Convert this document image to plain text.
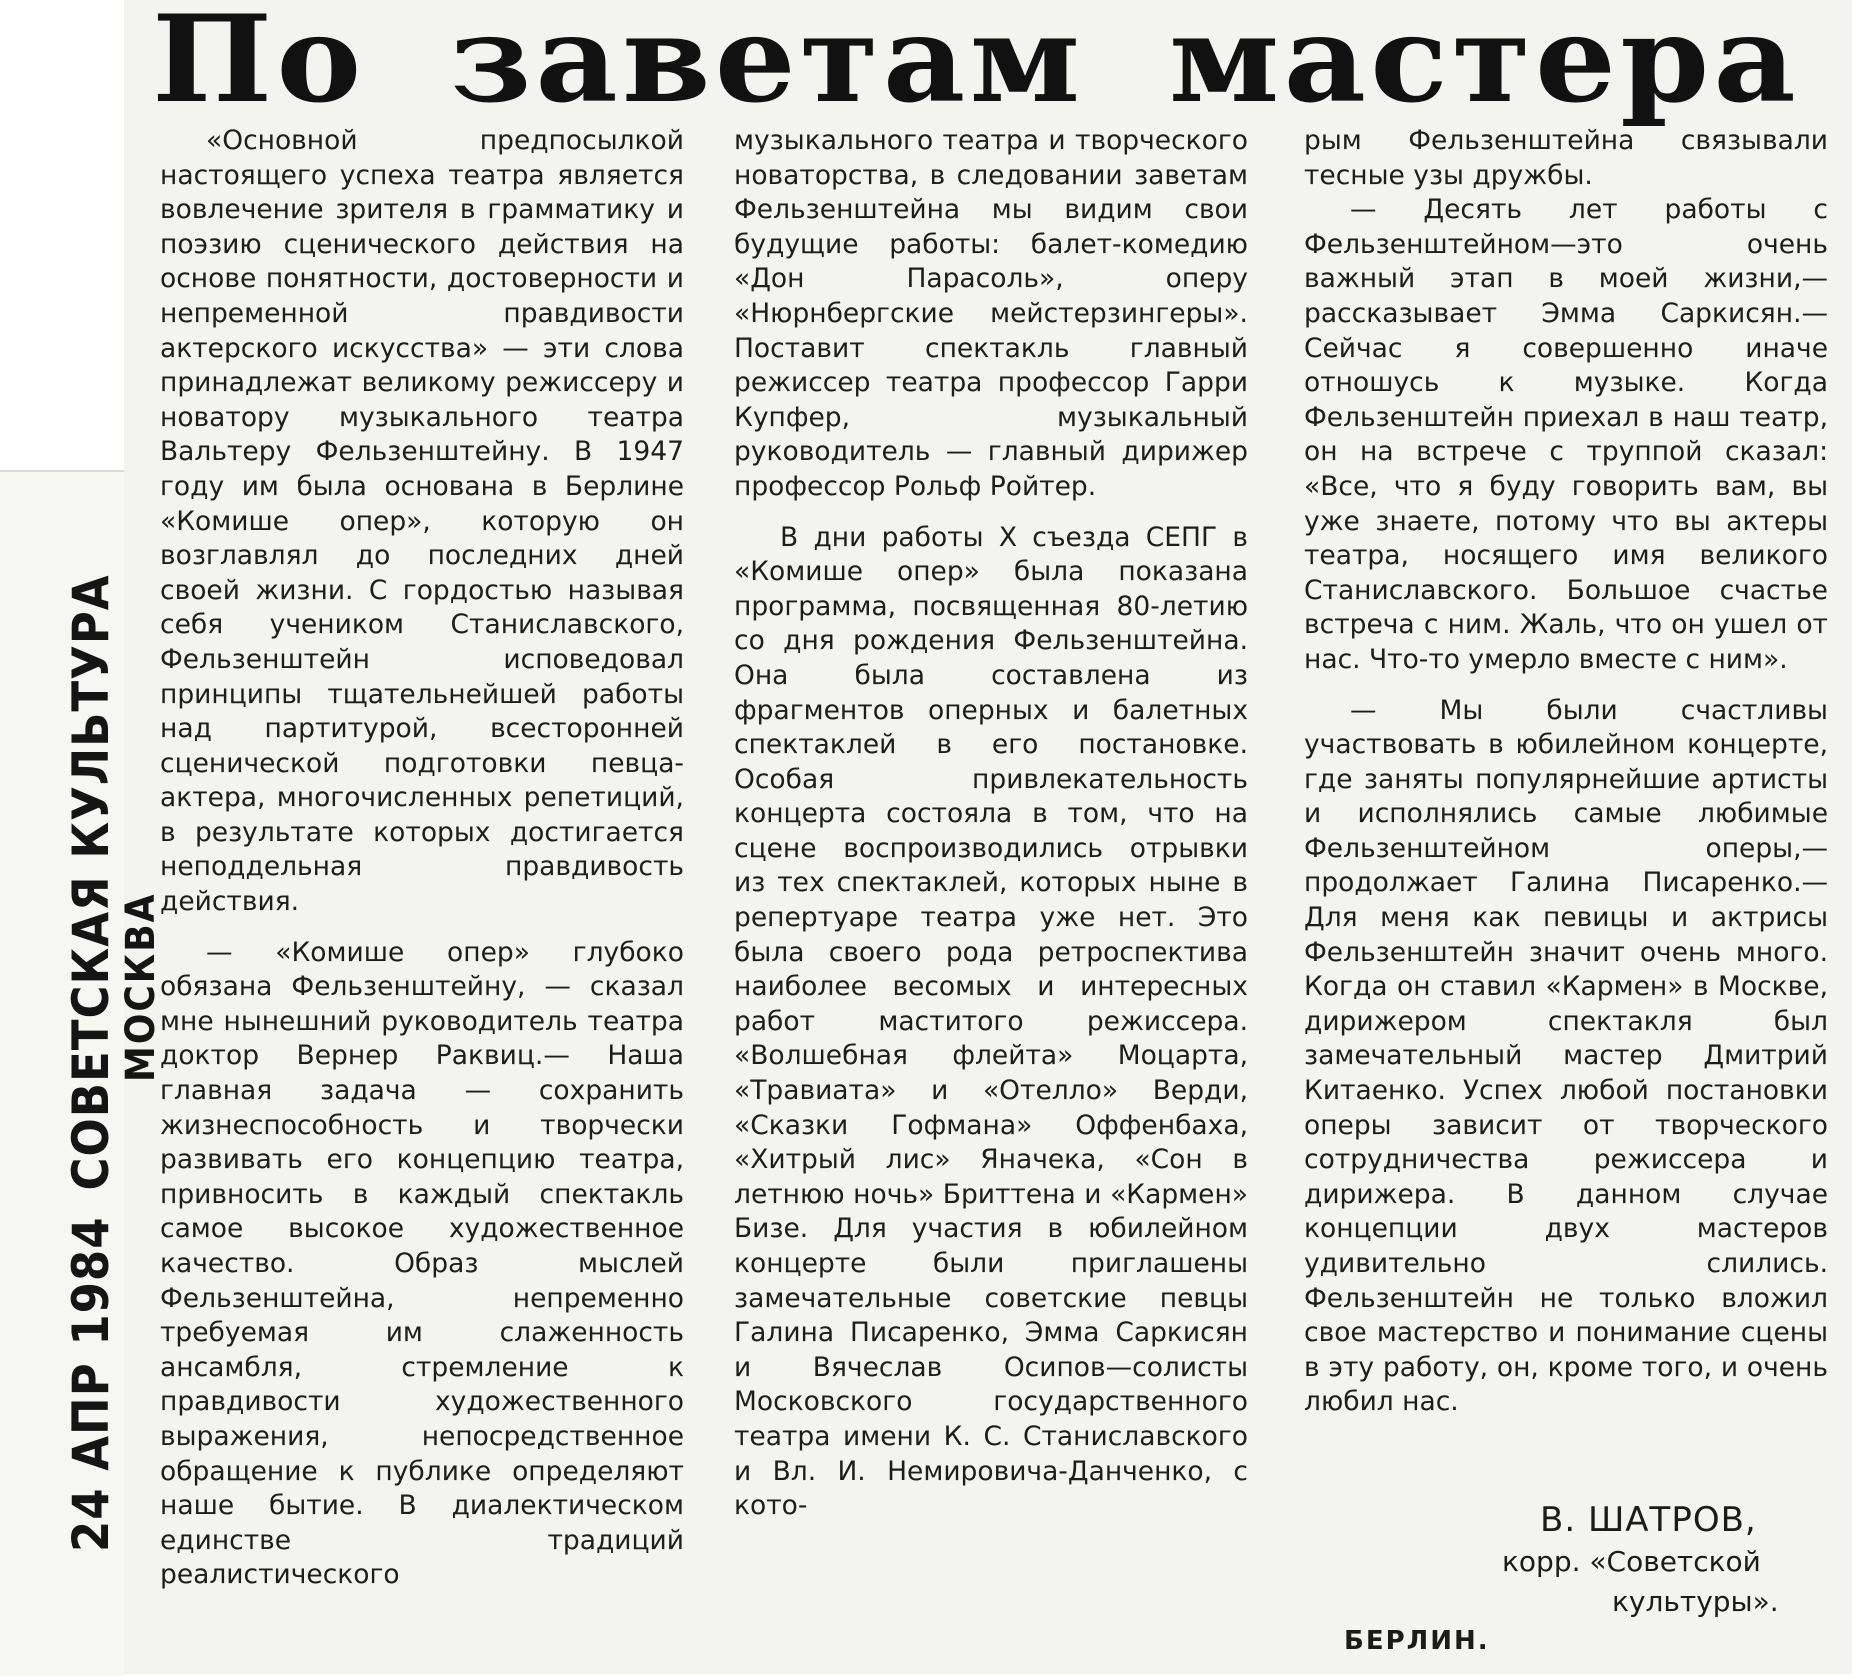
24 АПР 1984
СОВЕТСКАЯ КУЛЬТУРА
МОСКВА
По заветам мастера

«Основной предпосылкой настоящего успеха театра является вовлечение зрителя в грамматику и поэзию сценического действия на основе понятности, достоверности и непременной правдивости актерского искусства» — эти слова принадлежат великому режиссеру и новатору музыкального театра Вальтеру Фельзенштейну. В 1947 году им была основана в Берлине «Комише опер», которую он возглавлял до последних дней своей жизни. С гордостью называя себя учеником Станиславского, Фельзенштейн исповедовал принципы тщательнейшей работы над партитурой, всесторонней сценической подготовки певца-актера, многочисленных репетиций, в результате которых достигается неподдельная правдивость действия.

— «Комише опер» глубоко обязана Фельзенштейну, — сказал мне нынешний руководитель театра доктор Вернер Раквиц.— Наша главная задача — сохранить жизнеспособность и творчески развивать его концепцию театра, привносить в каждый спектакль самое высокое художественное качество. Образ мыслей Фельзенштейна, непременно требуемая им слаженность ансамбля, стремление к правдивости художественного выражения, непосредственное обращение к публике определяют наше бытие. В диалектическом единстве традиций реалистического

музыкального театра и творческого новаторства, в следовании заветам Фельзенштейна мы видим свои будущие работы: балет-комедию «Дон Парасоль», оперу «Нюрнбергские мейстерзингеры». Поставит спектакль главный режиссер театра профессор Гарри Купфер, музыкальный руководитель — главный дирижер профессор Рольф Ройтер.

В дни работы X съезда СЕПГ в «Комише опер» была показана программа, посвященная 80-летию со дня рождения Фельзенштейна. Она была составлена из фрагментов оперных и балетных спектаклей в его постановке. Особая привлекательность концерта состояла в том, что на сцене воспроизводились отрывки из тех спектаклей, которых ныне в репертуаре театра уже нет. Это была своего рода ретроспектива наиболее весомых и интересных работ маститого режиссера. «Волшебная флейта» Моцарта, «Травиата» и «Отелло» Верди, «Сказки Гофмана» Оффенбаха, «Хитрый лис» Яначека, «Сон в летнюю ночь» Бриттена и «Кармен» Бизе. Для участия в юбилейном концерте были приглашены замечательные советские певцы Галина Писаренко, Эмма Саркисян и Вячеслав Осипов—солисты Московского государственного театра имени К. С. Станиславского и Вл. И. Немировича-Данченко, с кото-

рым Фельзенштейна связывали тесные узы дружбы.

— Десять лет работы с Фельзенштейном—это очень важный этап в моей жизни,— рассказывает Эмма Саркисян.— Сейчас я совершенно иначе отношусь к музыке. Когда Фельзенштейн приехал в наш театр, он на встрече с труппой сказал: «Все, что я буду говорить вам, вы уже знаете, потому что вы актеры театра, носящего имя великого Станиславского. Большое счастье встреча с ним. Жаль, что он ушел от нас. Что-то умерло вместе с ним».

— Мы были счастливы участвовать в юбилейном концерте, где заняты популярнейшие артисты и исполнялись самые любимые Фельзенштейном оперы,— продолжает Галина Писаренко.— Для меня как певицы и актрисы Фельзенштейн значит очень много. Когда он ставил «Кармен» в Москве, дирижером спектакля был замечательный мастер Дмитрий Китаенко. Успех любой постановки оперы зависит от творческого сотрудничества режиссера и дирижера. В данном случае концепции двух мастеров удивительно слились. Фельзенштейн не только вложил свое мастерство и понимание сцены в эту работу, он, кроме того, и очень любил нас.

В. ШАТРОВ,
корр. «Советской
культуры».
БЕРЛИН.
